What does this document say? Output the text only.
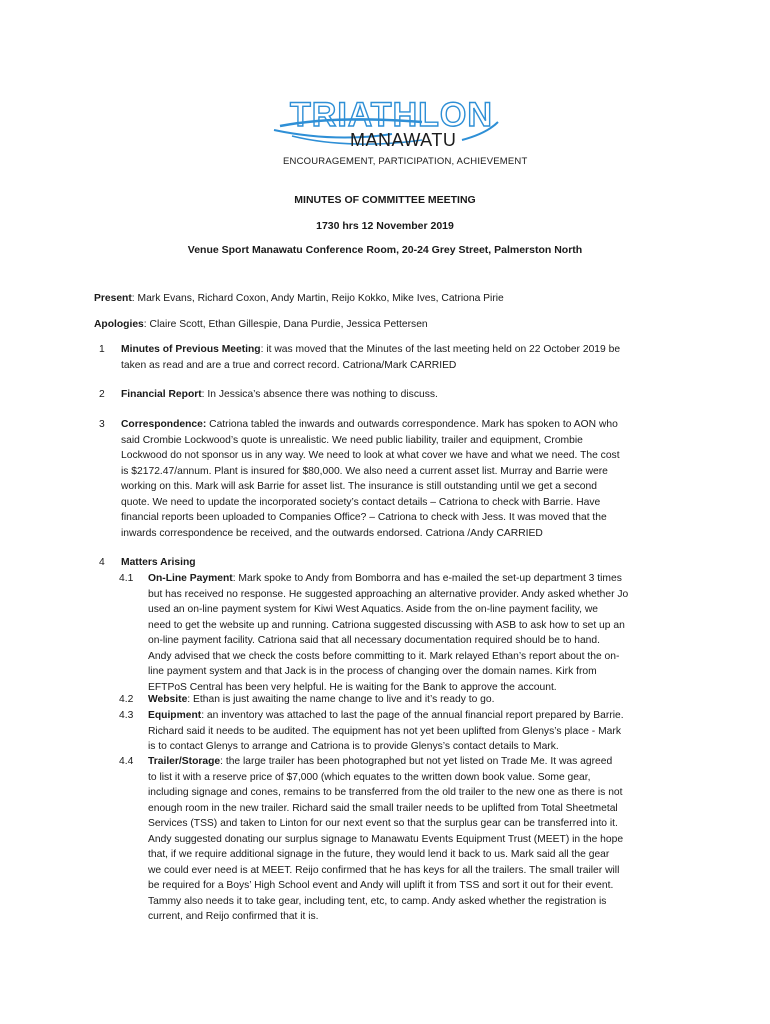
TRIATHLON
MANAWATU
ENCOURAGEMENT, PARTICIPATION, ACHIEVEMENT
MINUTES OF COMMITTEE MEETING
1730 hrs 12 November 2019
Venue Sport Manawatu Conference Room, 20-24 Grey Street, Palmerston North
Present: Mark Evans, Richard Coxon, Andy Martin, Reijo Kokko, Mike Ives, Catriona Pirie
Apologies: Claire Scott, Ethan Gillespie, Dana Purdie, Jessica Pettersen
1 Minutes of Previous Meeting: it was moved that the Minutes of the last meeting held on 22 October 2019 be
taken as read and are a true and correct record. Catriona/Mark CARRIED
2 Financial Report: In Jessica’s absence there was nothing to discuss.
3 Correspondence: Catriona tabled the inwards and outwards correspondence. Mark has spoken to AON who
said Crombie Lockwood’s quote is unrealistic. We need public liability, trailer and equipment, Crombie
Lockwood do not sponsor us in any way. We need to look at what cover we have and what we need. The cost
is $2172.47/annum. Plant is insured for $80,000. We also need a current asset list. Murray and Barrie were
working on this. Mark will ask Barrie for asset list. The insurance is still outstanding until we get a second
quote. We need to update the incorporated society’s contact details – Catriona to check with Barrie. Have
financial reports been uploaded to Companies Office? – Catriona to check with Jess. It was moved that the
inwards correspondence be received, and the outwards endorsed. Catriona /Andy CARRIED
4 Matters Arising
4.1 On-Line Payment: Mark spoke to Andy from Bomborra and has e-mailed the set-up department 3 times
but has received no response. He suggested approaching an alternative provider. Andy asked whether Jo
used an on-line payment system for Kiwi West Aquatics. Aside from the on-line payment facility, we
need to get the website up and running. Catriona suggested discussing with ASB to ask how to set up an
on-line payment facility. Catriona said that all necessary documentation required should be to hand.
Andy advised that we check the costs before committing to it. Mark relayed Ethan’s report about the on-
line payment system and that Jack is in the process of changing over the domain names. Kirk from
EFTPoS Central has been very helpful. He is waiting for the Bank to approve the account.
4.2 Website: Ethan is just awaiting the name change to live and it’s ready to go.
4.3 Equipment: an inventory was attached to last the page of the annual financial report prepared by Barrie.
Richard said it needs to be audited. The equipment has not yet been uplifted from Glenys’s place - Mark
is to contact Glenys to arrange and Catriona is to provide Glenys’s contact details to Mark.
4.4 Trailer/Storage: the large trailer has been photographed but not yet listed on Trade Me. It was agreed
to list it with a reserve price of $7,000 (which equates to the written down book value. Some gear,
including signage and cones, remains to be transferred from the old trailer to the new one as there is not
enough room in the new trailer. Richard said the small trailer needs to be uplifted from Total Sheetmetal
Services (TSS) and taken to Linton for our next event so that the surplus gear can be transferred into it.
Andy suggested donating our surplus signage to Manawatu Events Equipment Trust (MEET) in the hope
that, if we require additional signage in the future, they would lend it back to us. Mark said all the gear
we could ever need is at MEET. Reijo confirmed that he has keys for all the trailers. The small trailer will
be required for a Boys’ High School event and Andy will uplift it from TSS and sort it out for their event.
Tammy also needs it to take gear, including tent, etc, to camp. Andy asked whether the registration is
current, and Reijo confirmed that it is.
